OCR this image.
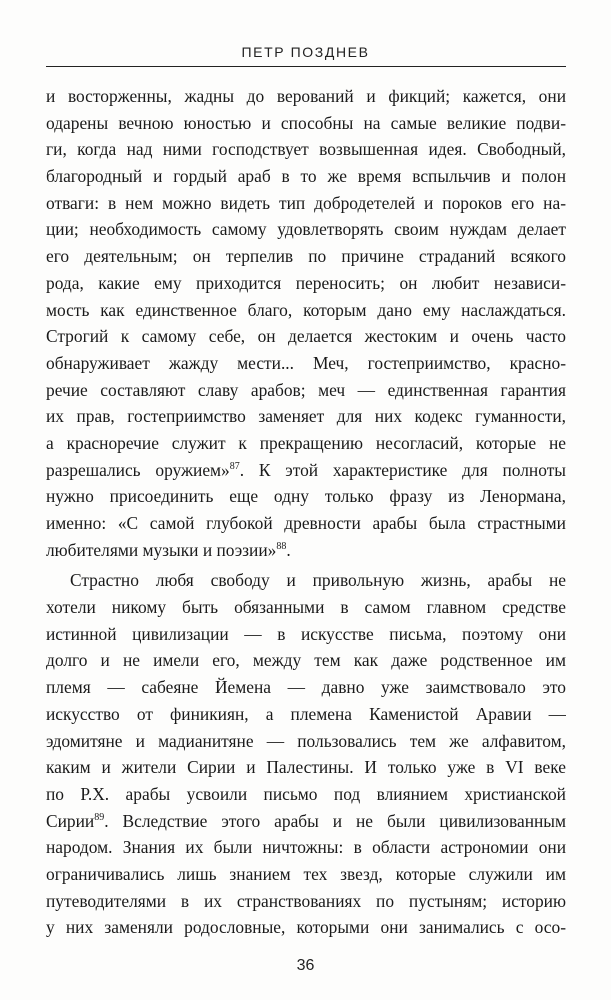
ПЕТР ПОЗДНЕВ
и восторженны, жадны до верований и фикций; кажется, они
одарены вечною юностью и способны на самые великие подви-
ги, когда над ними господствует возвышенная идея. Свободный,
благородный и гордый араб в то же время вспыльчив и полон
отваги: в нем можно видеть тип добродетелей и пороков его на-
ции; необходимость самому удовлетворять своим нуждам делает
его деятельным; он терпелив по причине страданий всякого
рода, какие ему приходится переносить; он любит независи-
мость как единственное благо, которым дано ему наслаждаться.
Строгий к самому себе, он делается жестоким и очень часто
обнаруживает жажду мести... Меч, гостеприимство, красно-
речие составляют славу арабов; меч — единственная гарантия
их прав, гостеприимство заменяет для них кодекс гуманности,
а красноречие служит к прекращению несогласий, которые не
разрешались оружием»$^{87}$. К этой характеристике для полноты
нужно присоединить еще одну только фразу из Ленормана,
именно: «С самой глубокой древности арабы была страстными
любителями музыки и поэзии»$^{88}$.
Страстно любя свободу и привольную жизнь, арабы не
хотели никому быть обязанными в самом главном средстве
истинной цивилизации — в искусстве письма, поэтому они
долго и не имели его, между тем как даже родственное им
племя — сабеяне Йемена — давно уже заимствовало это
искусство от финикиян, а племена Каменистой Аравии —
эдомитяне и мадианитяне — пользовались тем же алфавитом,
каким и жители Сирии и Палестины. И только уже в VI веке
по Р.Х. арабы усвоили письмо под влиянием христианской
Сирии$^{89}$. Вследствие этого арабы и не были цивилизованным
народом. Знания их были ничтожны: в области астрономии они
ограничивались лишь знанием тех звезд, которые служили им
путеводителями в их странствованиях по пустыням; историю
у них заменяли родословные, которыми они занимались с осо-
36
